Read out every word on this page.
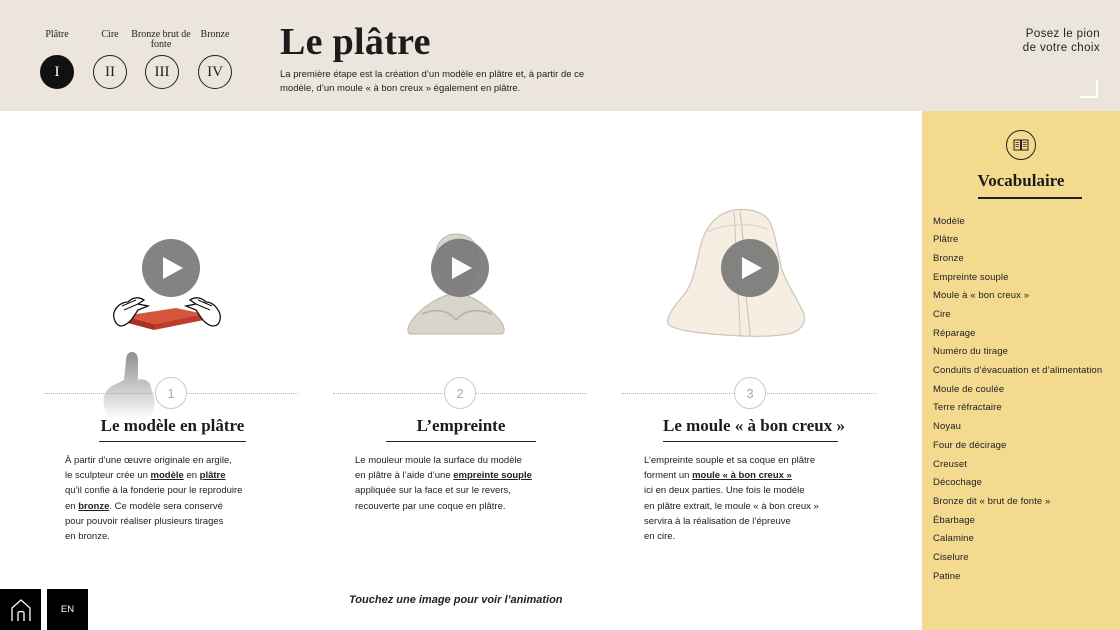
Plâtre	Cire	Bronze brut de fonte
Bronze
I	II	III	IV
Le plâtre
La première étape est la création d’un modèle en plâtre et, à partir de ce modèle, d’un moule « à bon creux » également en plâtre.
Posez le pion
de votre choix
1	2	3
Le modèle en plâtre	L’empreinte	Le moule « à bon creux »
À partir d’une œuvre originale en argile,
le sculpteur crée un modèle en plâtre
qu’il confie à la fonderie pour le reproduire
en bronze. Ce modèle sera conservé
pour pouvoir réaliser plusieurs tirages
en bronze.
Le mouleur moule la surface du modèle
en plâtre à l’aide d’une empreinte souple
appliquée sur la face et sur le revers,
recouverte par une coque en plâtre.
L’empreinte souple et sa coque en plâtre
forment un moule « à bon creux »
ici en deux parties. Une fois le modèle
en plâtre extrait, le moule « à bon creux »
servira à la réalisation de l’épreuve
en cire.
Touchez une image pour voir l’animation
EN
Vocabulaire
Modèle
Plâtre
Bronze
Empreinte souple
Moule à « bon creux »
Cire
Réparage
Numéro du tirage
Conduits d’évacuation et d’alimentation
Moule de coulée
Terre réfractaire
Noyau
Four de décirage
Creuset
Décochage
Bronze dit « brut de fonte »
Ébarbage
Calamine
Ciselure
Patine
